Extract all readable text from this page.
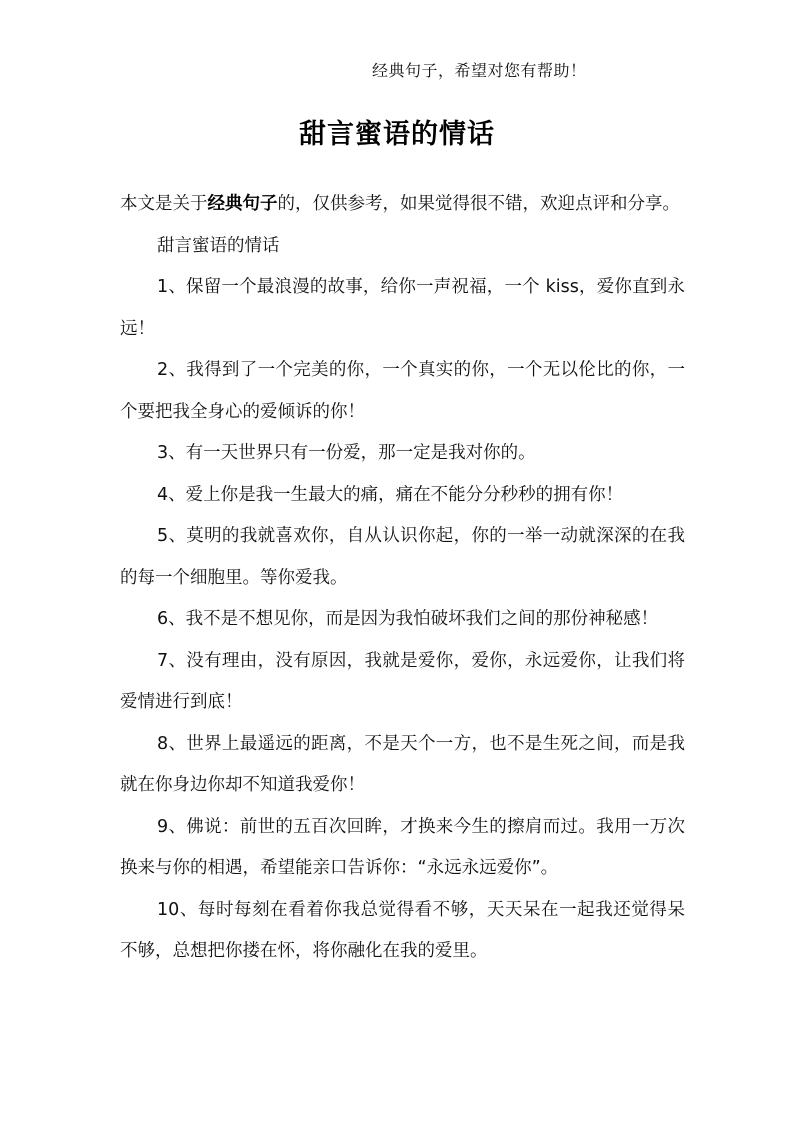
经典句子，希望对您有帮助！
甜言蜜语的情话

本文是关于经典句子的，仅供参考，如果觉得很不错，欢迎点评和分享。

甜言蜜语的情话

1、保留一个最浪漫的故事，给你一声祝福，一个 kiss，爱你直到永远！

2、我得到了一个完美的你，一个真实的你，一个无以伦比的你，一个要把我全身心的爱倾诉的你！

3、有一天世界只有一份爱，那一定是我对你的。

4、爱上你是我一生最大的痛，痛在不能分分秒秒的拥有你！

5、莫明的我就喜欢你，自从认识你起，你的一举一动就深深的在我的每一个细胞里。等你爱我。

6、我不是不想见你，而是因为我怕破坏我们之间的那份神秘感！

7、没有理由，没有原因，我就是爱你，爱你，永远爱你，让我们将爱情进行到底！

8、世界上最遥远的距离，不是天个一方，也不是生死之间，而是我就在你身边你却不知道我爱你！

9、佛说：前世的五百次回眸，才换来今生的擦肩而过。我用一万次换来与你的相遇，希望能亲口告诉你：“永远永远爱你”。

10、每时每刻在看着你我总觉得看不够，天天呆在一起我还觉得呆不够，总想把你搂在怀，将你融化在我的爱里。
